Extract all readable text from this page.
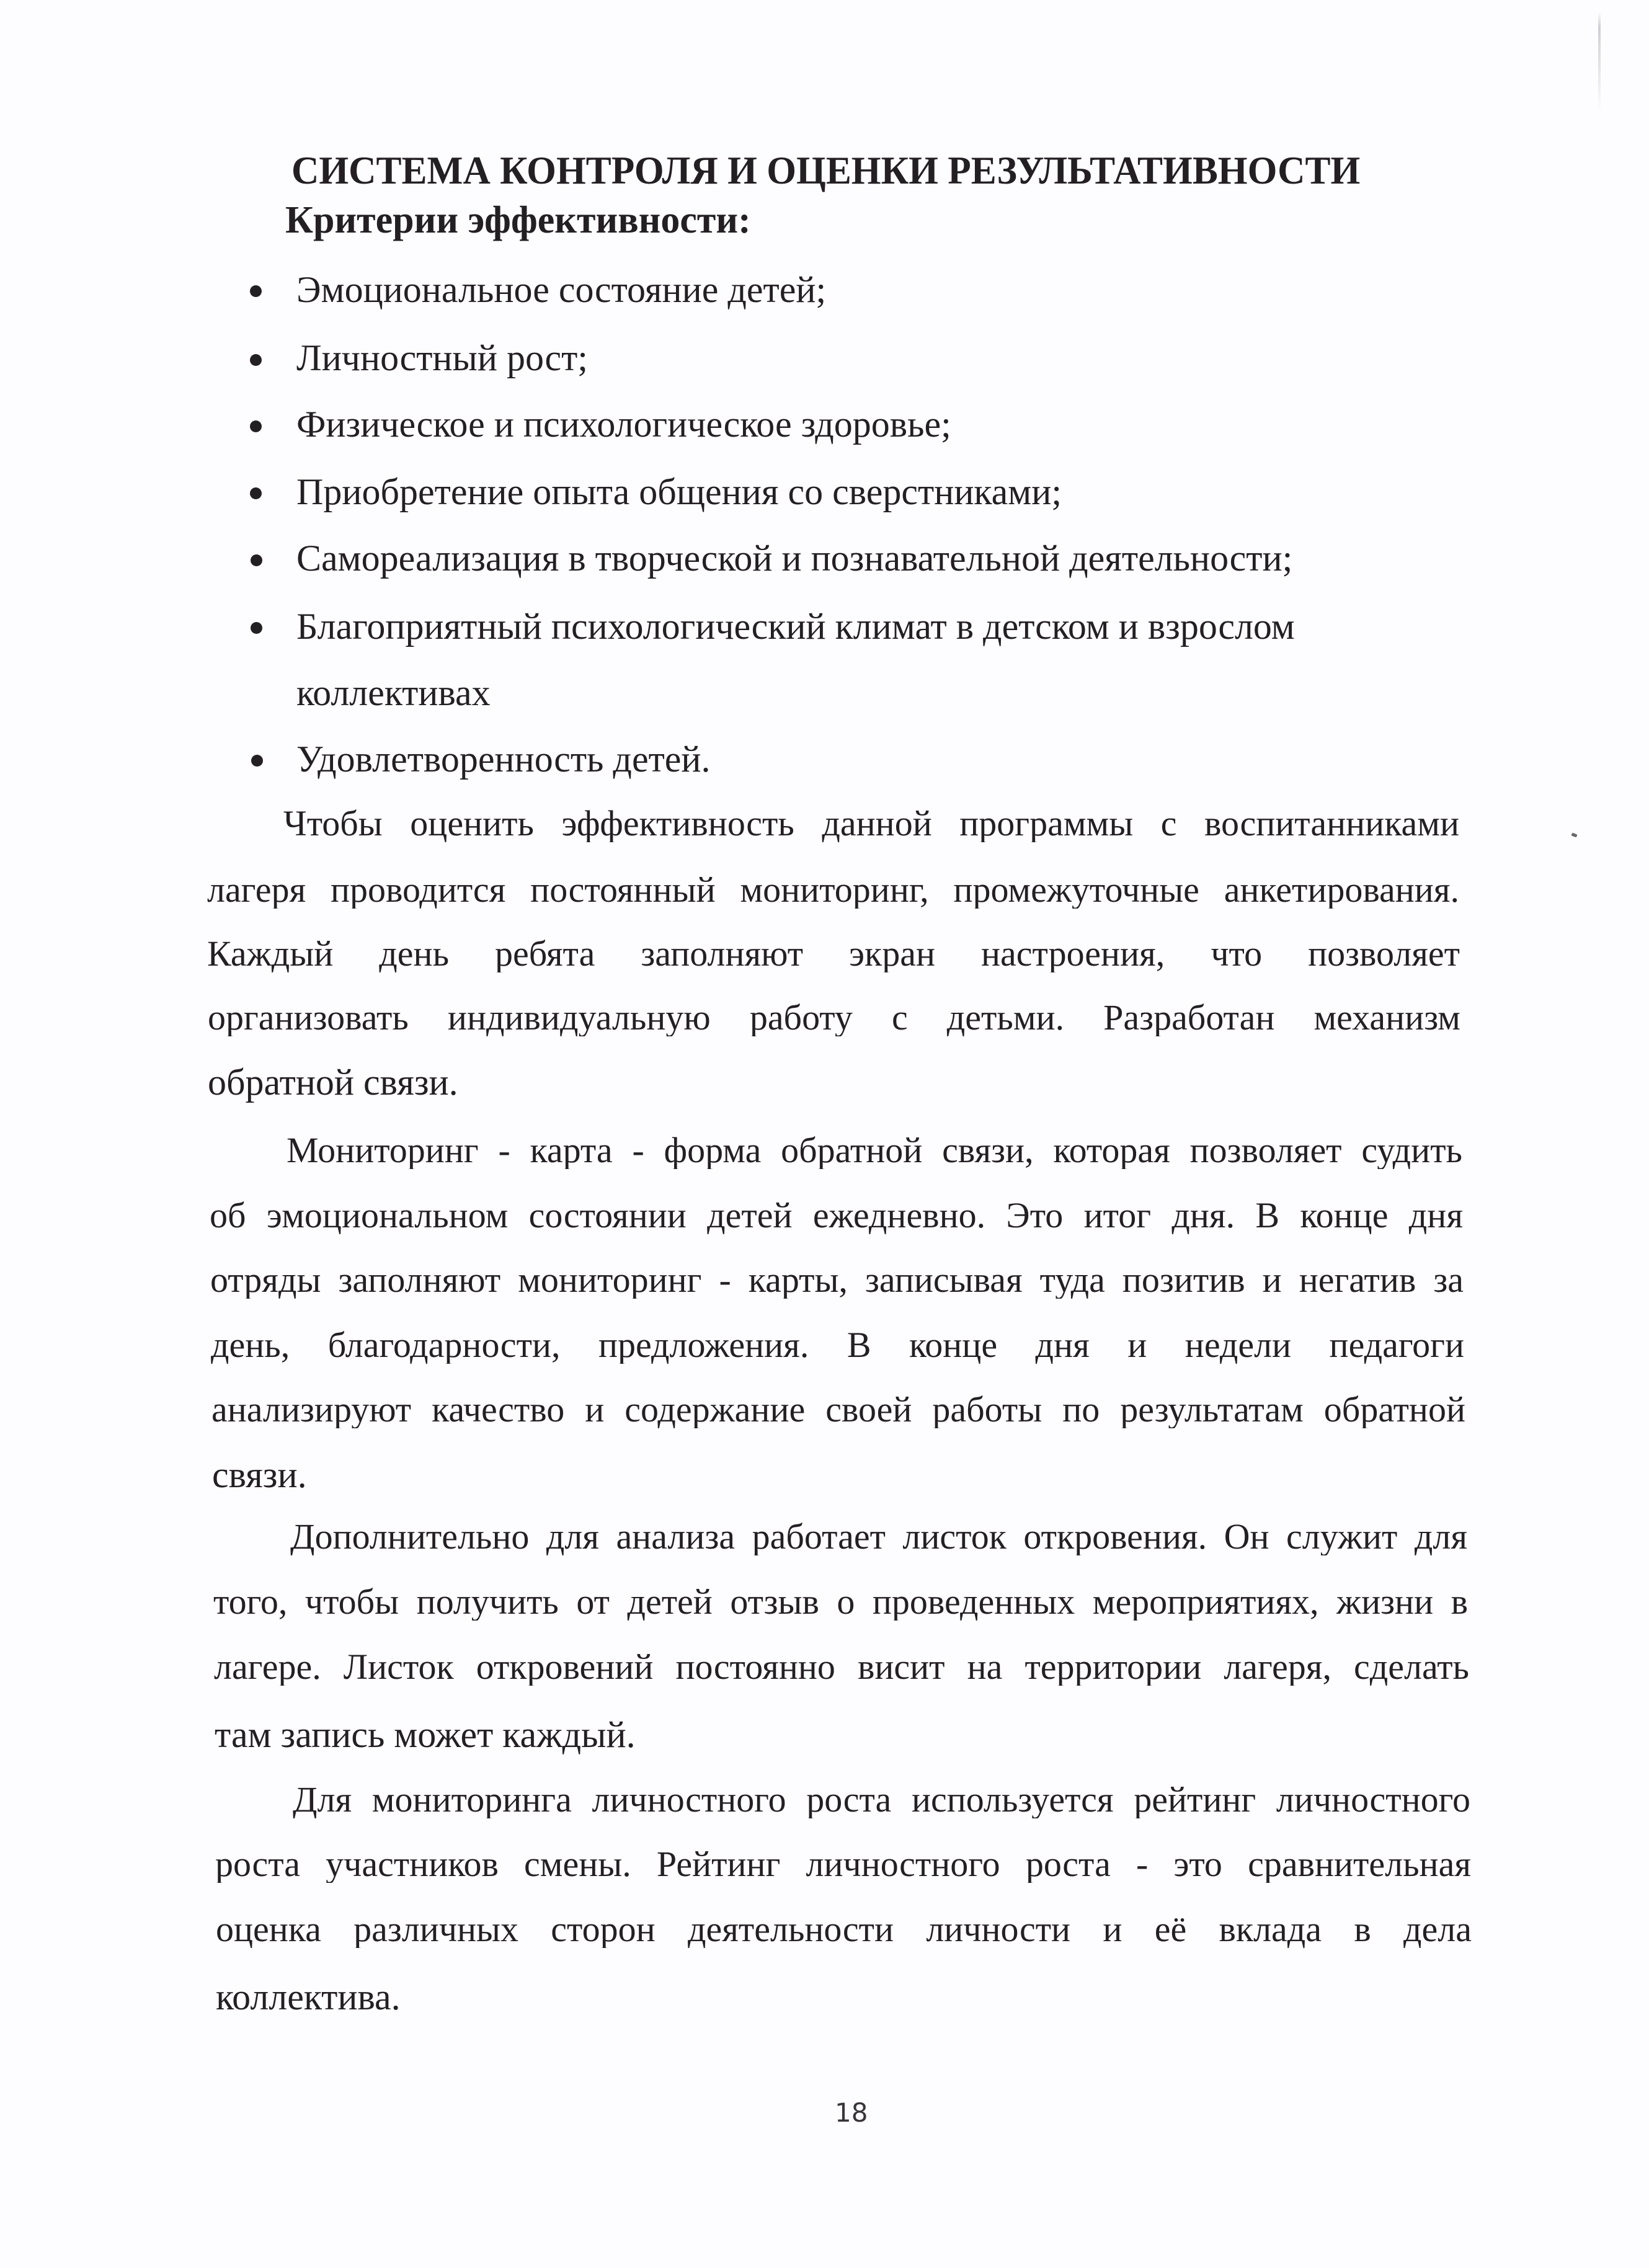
СИСТЕМА КОНТРОЛЯ И ОЦЕНКИ РЕЗУЛЬТАТИВНОСТИ
Критерии эффективности:
Эмоциональное состояние детей;
Личностный рост;
Физическое и психологическое здоровье;
Приобретение опыта общения со сверстниками;
Самореализация в творческой и познавательной деятельности;
Благоприятный психологический климат в детском и взрослом
коллективах
Удовлетворенность детей.
Чтобы оценить эффективность данной программы с воспитанниками
лагеря проводится постоянный мониторинг, промежуточные анкетирования.
Каждый день ребята заполняют экран настроения, что позволяет
организовать индивидуальную работу с детьми. Разработан механизм
обратной связи.
Мониторинг - карта - форма обратной связи, которая позволяет судить
об эмоциональном состоянии детей ежедневно. Это итог дня. В конце дня
отряды заполняют мониторинг - карты, записывая туда позитив и негатив за
день, благодарности, предложения. В конце дня и недели педагоги
анализируют качество и содержание своей работы по результатам обратной
связи.
Дополнительно для анализа работает листок откровения. Он служит для
того, чтобы получить от детей отзыв о проведенных мероприятиях, жизни в
лагере. Листок откровений постоянно висит на территории лагеря, сделать
там запись может каждый.
Для мониторинга личностного роста используется рейтинг личностного
роста участников смены. Рейтинг личностного роста - это сравнительная
оценка различных сторон деятельности личности и её вклада в дела
коллектива.
18
